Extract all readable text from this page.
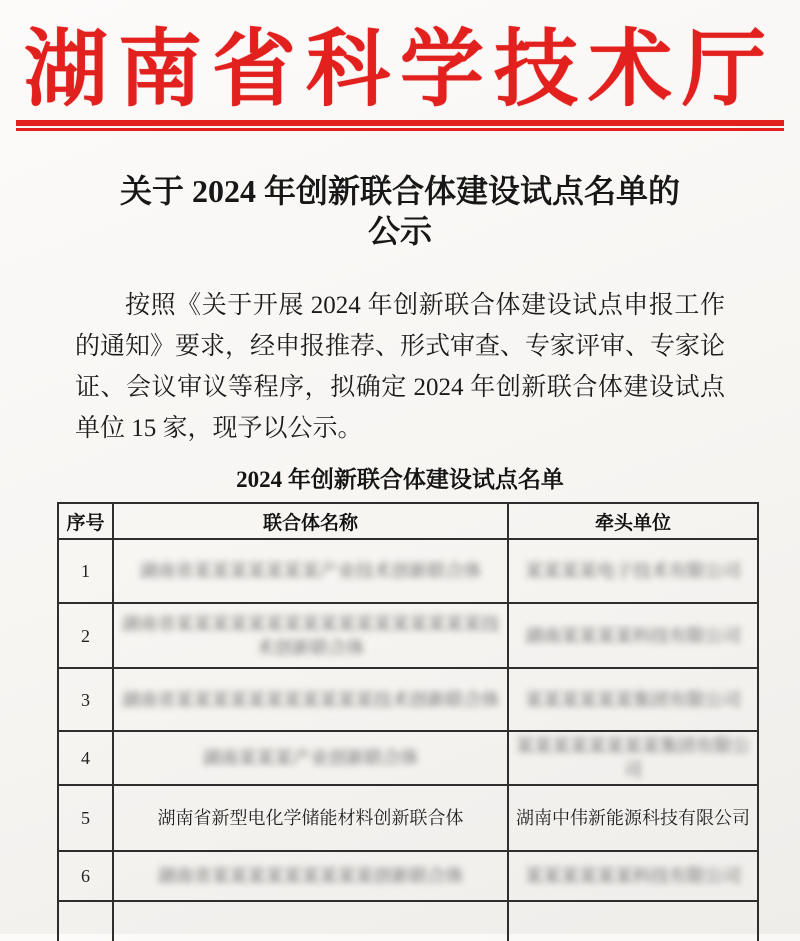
湖南省科学技术厅
关于 2024 年创新联合体建设试点名单的
公示
按照《关于开展 2024 年创新联合体建设试点申报工作的通知》要求，经申报推荐、形式审查、专家评审、专家论证、会议审议等程序，拟确定 2024 年创新联合体建设试点单位 15 家，现予以公示。
2024 年创新联合体建设试点名单
序号	联合体名称	牵头单位
1	湖南省某某某某某某某产业技术创新联合体	某某某某电子技术有限公司
2	湖南省某某某某某某某某某某某某某某某某某技术创新联合体	湖南某某某某科技有限公司
3	湖南省某某某某某某某某某某某技术创新联合体	某某某某某某集团有限公司
4	湖南某某某产业创新联合体	某某某某某某某某集团有限公司
5	湖南省新型电化学储能材料创新联合体	湖南中伟新能源科技有限公司
6	湖南省某某某某某某某某某创新联合体	某某某某某某科技有限公司
